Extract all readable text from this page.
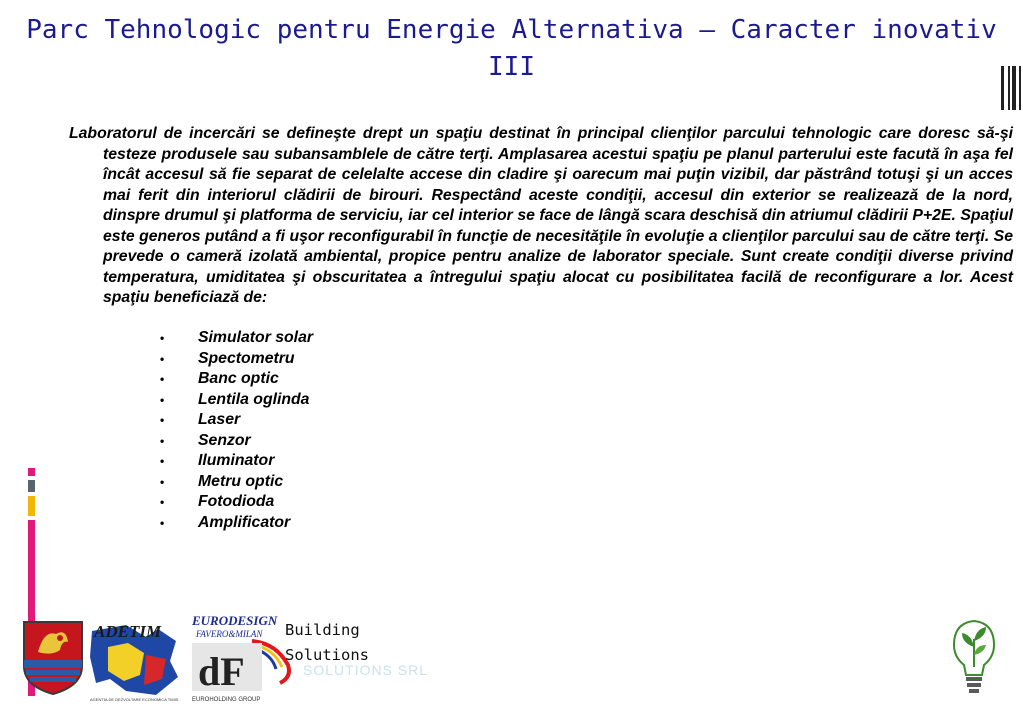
Parc Tehnologic pentru Energie Alternativa – Caracter inovativ III

Laboratorul de incercări se defineşte drept un spaţiu destinat în principal clienţilor parcului tehnologic care doresc să-şi testeze produsele sau subansamblele de către terţi. Amplasarea acestui spaţiu pe planul parterului este facută în aşa fel încât accesul să fie separat de celelalte accese din cladire şi oarecum mai puţin vizibil, dar păstrând totuşi şi un acces mai ferit din interiorul clădirii de birouri. Respectând aceste condiţii, accesul din exterior se realizează de la nord, dinspre drumul şi platforma de serviciu, iar cel interior se face de lângă scara deschisă din atriumul clădirii P+2E. Spaţiul este generos putând a fi uşor reconfigurabil în funcţie de necesităţile în evoluţie a clienţilor parcului sau de către terţi. Se prevede o cameră izolată ambiental, propice pentru analize de laborator speciale. Sunt create condiţii diverse privind temperatura, umiditatea şi obscuritatea a întregului spaţiu alocat cu posibilitatea facilă de reconfigurare a lor. Acest spaţiu beneficiază de:

•	Simulator solar
•	Spectometru
•	Banc optic
•	Lentila oglinda
•	Laser
•	Senzor
•	Iluminator
•	Metru optic
•	Fotodioda
•	Amplificator
ADETIM
AGENTIA DE DEZVOLTARE ECONOMICA TIMIS
EURODESIGN
FAVERO&MILAN
dF
EUROHOLDING GROUP
Building
Solutions
SOLUTIONS SRL
